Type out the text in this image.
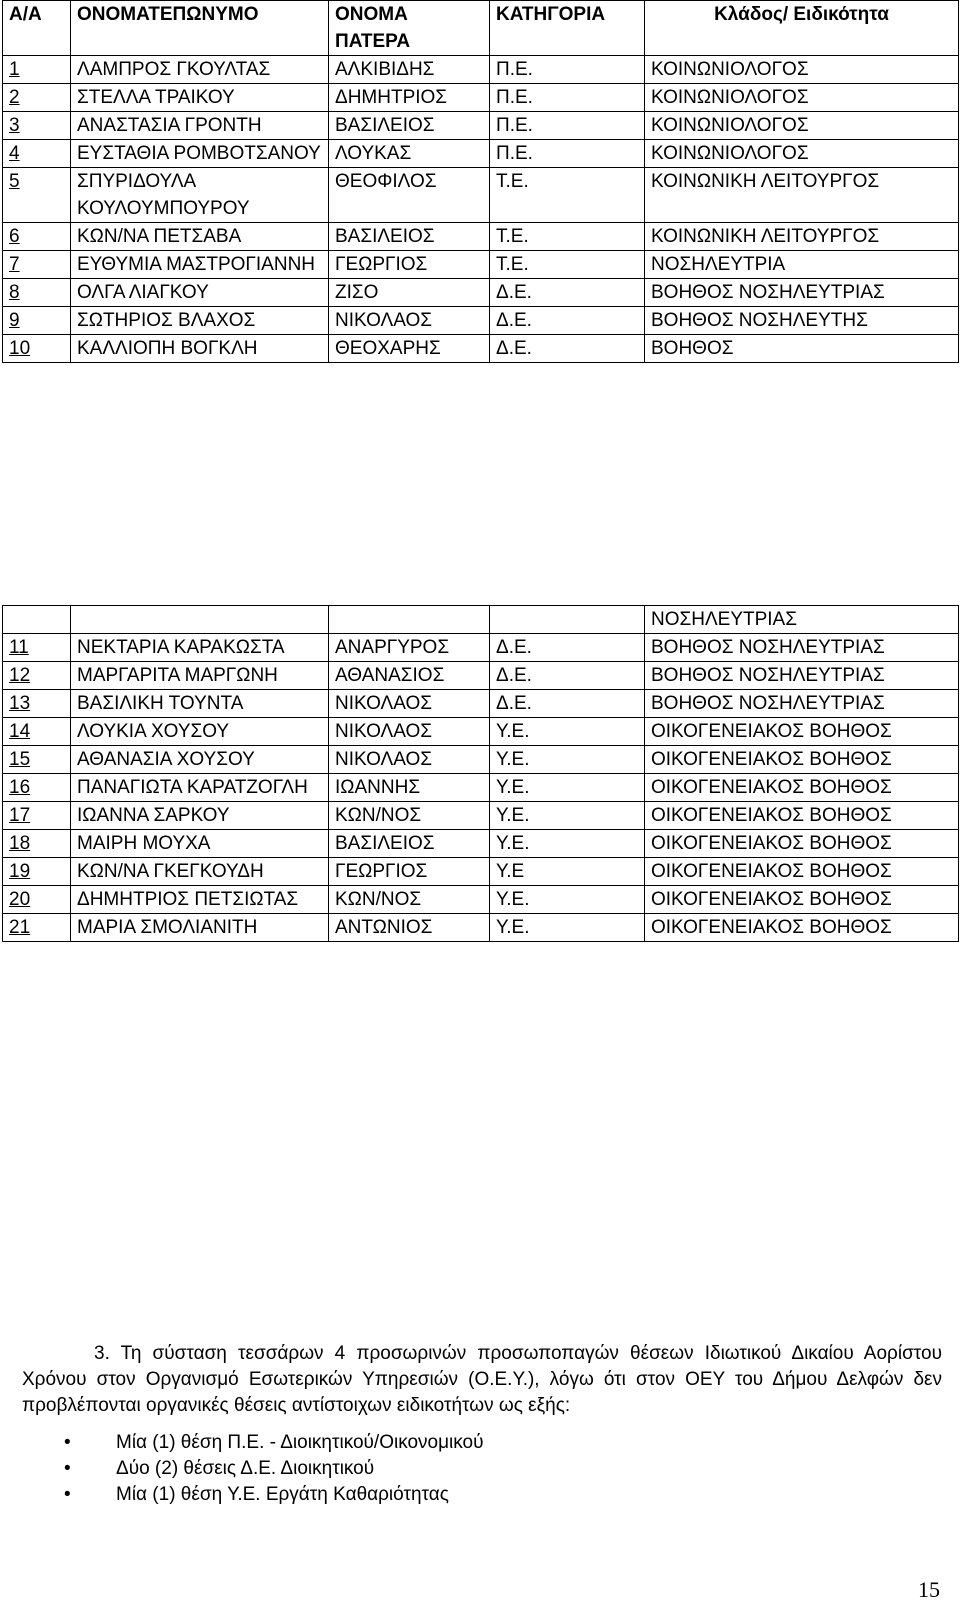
Α/Α	ΟΝΟΜΑΤΕΠΩΝΥΜΟ	ΟΝΟΜΑ ΠΑΤΕΡΑ	ΚΑΤΗΓΟΡΙΑ	Κλάδος/ Ειδικότητα
1	ΛΑΜΠΡΟΣ ΓΚΟΥΛΤΑΣ	ΑΛΚΙΒΙΔΗΣ	Π.Ε.	ΚΟΙΝΩΝΙΟΛΟΓΟΣ
2	ΣΤΕΛΛΑ ΤΡΑΙΚΟΥ	ΔΗΜΗΤΡΙΟΣ	Π.Ε.	ΚΟΙΝΩΝΙΟΛΟΓΟΣ
3	ΑΝΑΣΤΑΣΙΑ ΓΡΟΝΤΗ	ΒΑΣΙΛΕΙΟΣ	Π.Ε.	ΚΟΙΝΩΝΙΟΛΟΓΟΣ
4	ΕΥΣΤΑΘΙΑ ΡΟΜΒΟΤΣΑΝΟΥ	ΛΟΥΚΑΣ	Π.Ε.	ΚΟΙΝΩΝΙΟΛΟΓΟΣ
5	ΣΠΥΡΙΔΟΥΛΑ ΚΟΥΛΟΥΜΠΟΥΡΟΥ	ΘΕΟΦΙΛΟΣ	Τ.Ε.	ΚΟΙΝΩΝΙΚΗ ΛΕΙΤΟΥΡΓΟΣ
6	ΚΩΝ/ΝΑ ΠΕΤΣΑΒΑ	ΒΑΣΙΛΕΙΟΣ	Τ.Ε.	ΚΟΙΝΩΝΙΚΗ ΛΕΙΤΟΥΡΓΟΣ
7	ΕΥΘΥΜΙΑ ΜΑΣΤΡΟΓΙΑΝΝΗ	ΓΕΩΡΓΙΟΣ	Τ.Ε.	ΝΟΣΗΛΕΥΤΡΙΑ
8	ΟΛΓΑ ΛΙΑΓΚΟΥ	ΖΙΣΟ	Δ.Ε.	ΒΟΗΘΟΣ ΝΟΣΗΛΕΥΤΡΙΑΣ
9	ΣΩΤΗΡΙΟΣ ΒΛΑΧΟΣ	ΝΙΚΟΛΑΟΣ	Δ.Ε.	ΒΟΗΘΟΣ ΝΟΣΗΛΕΥΤΗΣ
10	ΚΑΛΛΙΟΠΗ ΒΟΓΚΛΗ	ΘΕΟΧΑΡΗΣ	Δ.Ε.	ΒΟΗΘΟΣ
				ΝΟΣΗΛΕΥΤΡΙΑΣ
11	ΝΕΚΤΑΡΙΑ ΚΑΡΑΚΩΣΤΑ	ΑΝΑΡΓΥΡΟΣ	Δ.Ε.	ΒΟΗΘΟΣ ΝΟΣΗΛΕΥΤΡΙΑΣ
12	ΜΑΡΓΑΡΙΤΑ ΜΑΡΓΩΝΗ	ΑΘΑΝΑΣΙΟΣ	Δ.Ε.	ΒΟΗΘΟΣ ΝΟΣΗΛΕΥΤΡΙΑΣ
13	ΒΑΣΙΛΙΚΗ ΤΟΥΝΤΑ	ΝΙΚΟΛΑΟΣ	Δ.Ε.	ΒΟΗΘΟΣ ΝΟΣΗΛΕΥΤΡΙΑΣ
14	ΛΟΥΚΙΑ ΧΟΥΣΟΥ	ΝΙΚΟΛΑΟΣ	Υ.Ε.	ΟΙΚΟΓΕΝΕΙΑΚΟΣ ΒΟΗΘΟΣ
15	ΑΘΑΝΑΣΙΑ ΧΟΥΣΟΥ	ΝΙΚΟΛΑΟΣ	Υ.Ε.	ΟΙΚΟΓΕΝΕΙΑΚΟΣ ΒΟΗΘΟΣ
16	ΠΑΝΑΓΙΩΤΑ ΚΑΡΑΤΖΟΓΛΗ	ΙΩΑΝΝΗΣ	Υ.Ε.	ΟΙΚΟΓΕΝΕΙΑΚΟΣ ΒΟΗΘΟΣ
17	ΙΩΑΝΝΑ ΣΑΡΚΟΥ	ΚΩΝ/ΝΟΣ	Υ.Ε.	ΟΙΚΟΓΕΝΕΙΑΚΟΣ ΒΟΗΘΟΣ
18	ΜΑΙΡΗ ΜΟΥΧΑ	ΒΑΣΙΛΕΙΟΣ	Υ.Ε.	ΟΙΚΟΓΕΝΕΙΑΚΟΣ ΒΟΗΘΟΣ
19	ΚΩΝ/ΝΑ ΓΚΕΓΚΟΥΔΗ	ΓΕΩΡΓΙΟΣ	Υ.Ε	ΟΙΚΟΓΕΝΕΙΑΚΟΣ ΒΟΗΘΟΣ
20	ΔΗΜΗΤΡΙΟΣ ΠΕΤΣΙΩΤΑΣ	ΚΩΝ/ΝΟΣ	Υ.Ε.	ΟΙΚΟΓΕΝΕΙΑΚΟΣ ΒΟΗΘΟΣ
21	ΜΑΡΙΑ ΣΜΟΛΙΑΝΙΤΗ	ΑΝΤΩΝΙΟΣ	Υ.Ε.	ΟΙΚΟΓΕΝΕΙΑΚΟΣ ΒΟΗΘΟΣ

3. Τη σύσταση τεσσάρων 4 προσωρινών προσωποπαγών θέσεων Ιδιωτικού Δικαίου Αορίστου Χρόνου στον Οργανισμό Εσωτερικών Υπηρεσιών (Ο.Ε.Υ.), λόγω ότι στον ΟΕΥ του Δήμου Δελφών δεν προβλέπονται οργανικές θέσεις αντίστοιχων ειδικοτήτων ως εξής:

• Μία (1) θέση Π.Ε. - Διοικητικού/Οικονομικού
• Δύο (2) θέσεις Δ.Ε. Διοικητικού
• Μία (1) θέση Υ.Ε. Εργάτη Καθαριότητας
15
